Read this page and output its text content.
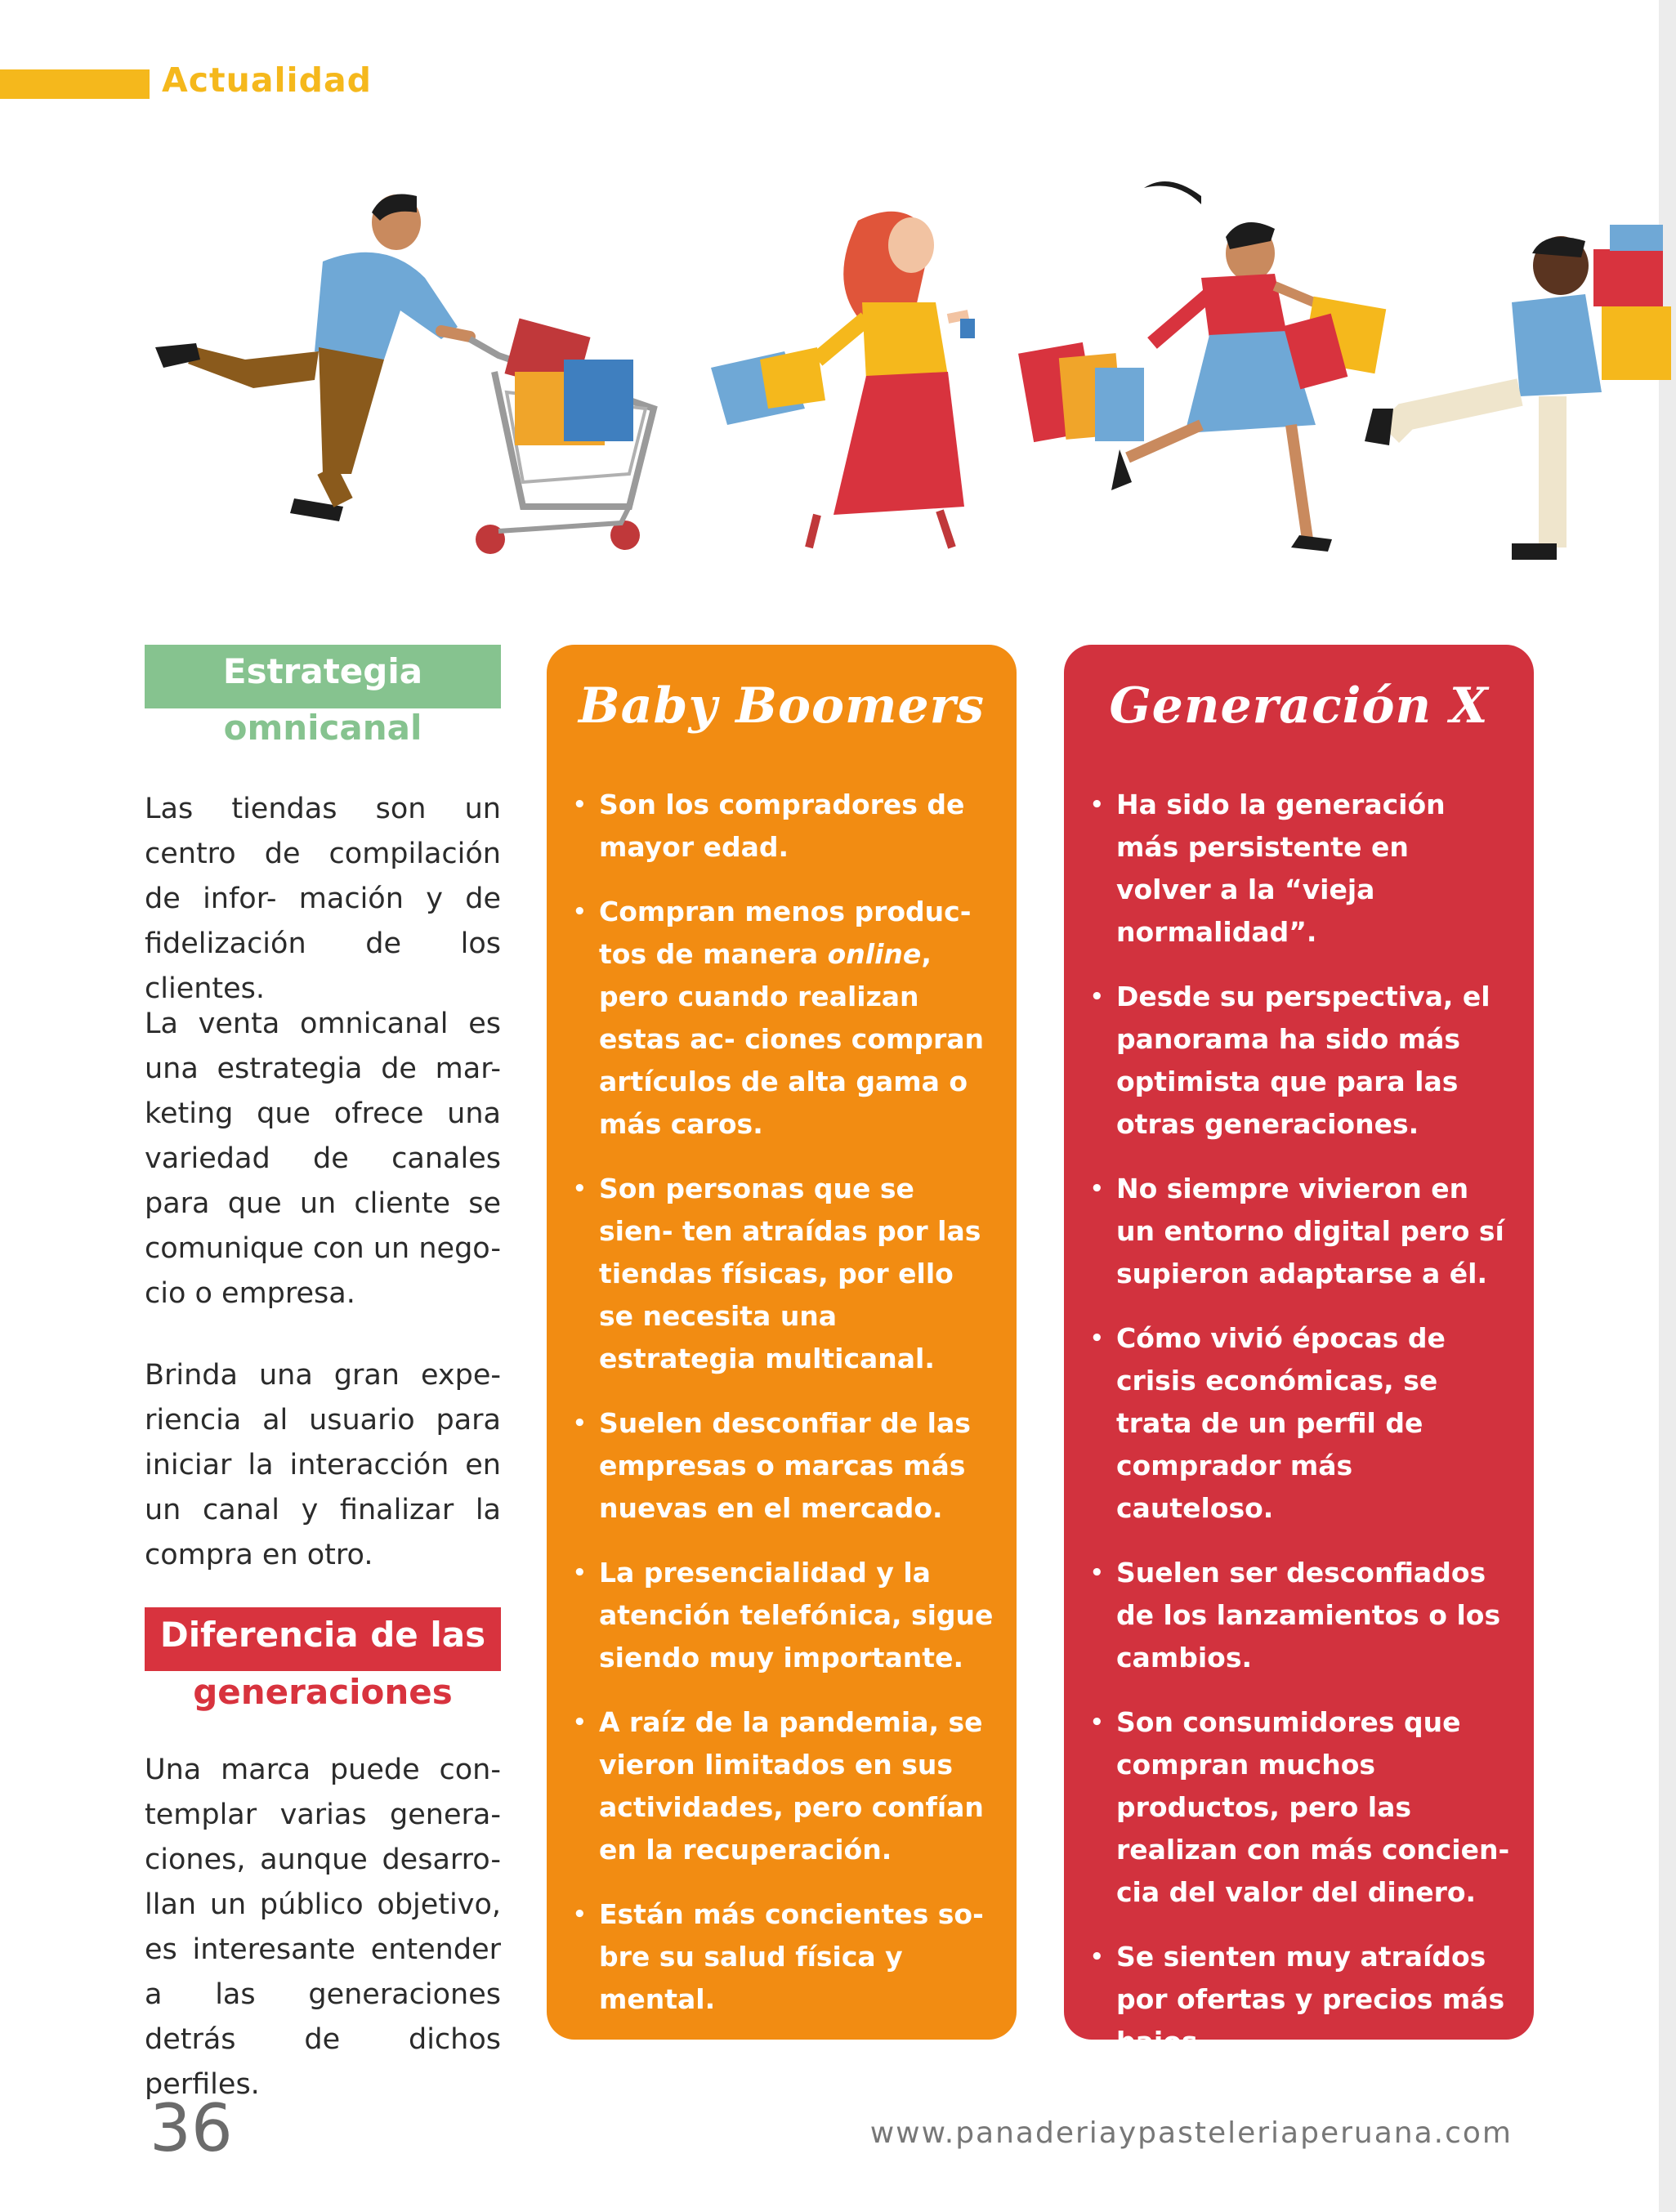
Actualidad
Estrategia
omnicanal

Las tiendas son un centro de compilación de infor- mación y de fidelización de los clientes.

La venta omnicanal es una estrategia de mar- keting que ofrece una variedad de canales para que un cliente se comunique con un nego- cio o empresa.

Brinda una gran expe- riencia al usuario para iniciar la interacción en un canal y finalizar la compra en otro.

Diferencia de las
generaciones

Una marca puede con- templar varias genera- ciones, aunque desarro- llan un público objetivo, es interesante entender a las generaciones detrás de dichos perfiles.

Baby Boomers
• Son los compradores de mayor edad.
• Compran menos produc- tos de manera online, pero cuando realizan estas ac- ciones compran artículos de alta gama o más caros.
• Son personas que se sien- ten atraídas por las tiendas físicas, por ello se necesita una estrategia multicanal.
• Suelen desconfiar de las empresas o marcas más nuevas en el mercado.
• La presencialidad y la atención telefónica, sigue siendo muy importante.
• A raíz de la pandemia, se vieron limitados en sus actividades, pero confían en la recuperación.
• Están más concientes so- bre su salud física y mental.
• Pueden adaptarse a los cambios digitales.
Generación X
• Ha sido la generación más persistente en volver a la “vieja normalidad”.
• Desde su perspectiva, el panorama ha sido más optimista que para las otras generaciones.
• No siempre vivieron en un entorno digital pero sí supieron adaptarse a él.
• Cómo vivió épocas de crisis económicas, se trata de un perfil de comprador más cauteloso.
• Suelen ser desconfiados de los lanzamientos o los cambios.
• Son consumidores que compran muchos productos, pero las realizan con más concien- cia del valor del dinero.
• Se sienten muy atraídos por ofertas y precios más bajos.
36	www.panaderiaypasteleriaperuana.com
